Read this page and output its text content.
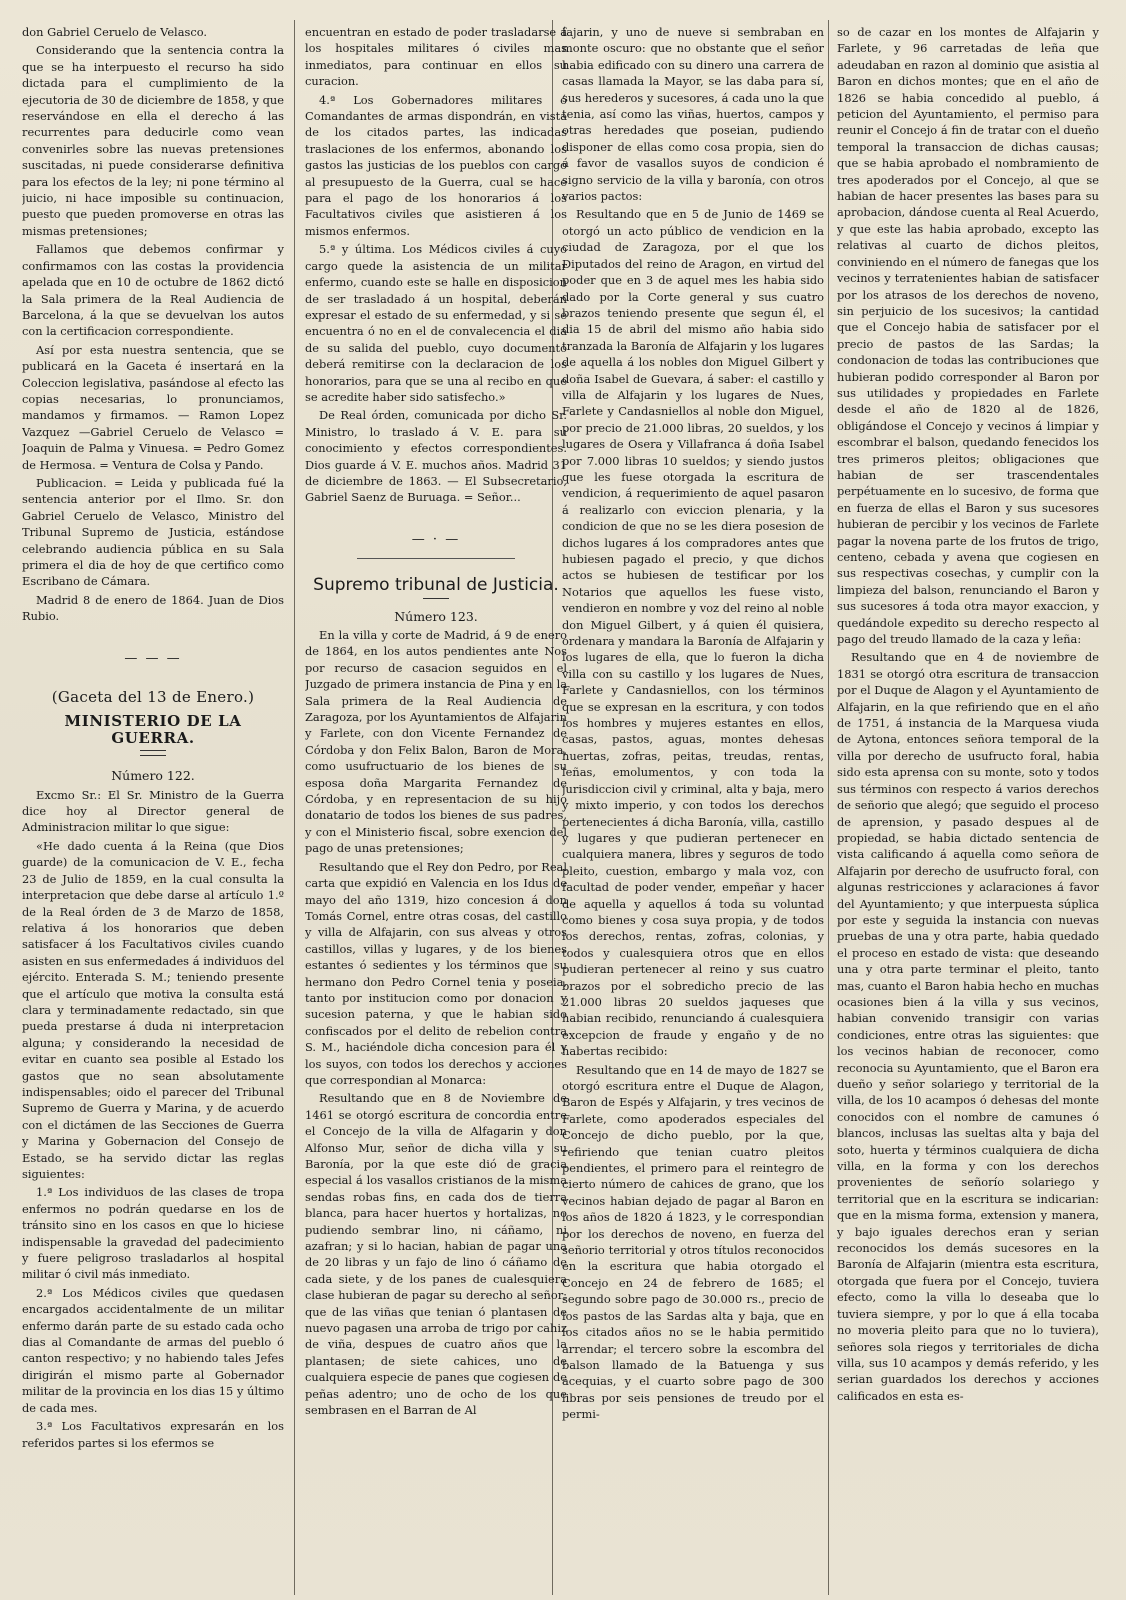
don Gabriel Ceruelo de Velasco.

Considerando que la sentencia contra la que se ha interpuesto el recurso ha sido dictada para el cumplimiento de la ejecutoria de 30 de diciembre de 1858, y que reservándose en ella el derecho á las recurrentes para deducirle como vean convenirles sobre las nuevas pretensiones suscitadas, ni puede considerarse definitiva para los efectos de la ley; ni pone término al juicio, ni hace imposible su continuacion, puesto que pueden promoverse en otras las mismas pretensiones;

Fallamos que debemos confirmar y confirmamos con las costas la providencia apelada que en 10 de octubre de 1862 dictó la Sala primera de la Real Audiencia de Barcelona, á la que se devuelvan los autos con la certificacion correspondiente.

Así por esta nuestra sentencia, que se publicará en la Gaceta é insertará en la Coleccion legislativa, pasándose al efecto las copias necesarias, lo pronunciamos, mandamos y firmamos. — Ramon Lopez Vazquez —Gabriel Ceruelo de Velasco = Joaquin de Palma y Vinuesa. = Pedro Gomez de Hermosa. = Ventura de Colsa y Pando.

Publicacion. = Leida y publicada fué la sentencia anterior por el Ilmo. Sr. don Gabriel Ceruelo de Velasco, Ministro del Tribunal Supremo de Justicia, estándose celebrando audiencia pública en su Sala primera el dia de hoy de que certifico como Escribano de Cámara.

Madrid 8 de enero de 1864. Juan de Dios Rubio.

— — —
(Gaceta del 13 de Enero.)
MINISTERIO DE LA GUERRA.
Número 122.

Excmo Sr.: El Sr. Ministro de la Guerra dice hoy al Director general de Administracion militar lo que sigue:

«He dado cuenta á la Reina (que Dios guarde) de la comunicacion de V. E., fecha 23 de Julio de 1859, en la cual consulta la interpretacion que debe darse al artículo 1.º de la Real órden de 3 de Marzo de 1858, relativa á los honorarios que deben satisfacer á los Facultativos civiles cuando asisten en sus enfermedades á individuos del ejército. Enterada S. M.; teniendo presente que el artículo que motiva la consulta está clara y terminadamente redactado, sin que pueda prestarse á duda ni interpretacion alguna; y considerando la necesidad de evitar en cuanto sea posible al Estado los gastos que no sean absolutamente indispensables; oido el parecer del Tribunal Supremo de Guerra y Marina, y de acuerdo con el dictámen de las Secciones de Guerra y Marina y Gobernacion del Consejo de Estado, se ha servido dictar las reglas siguientes:

1.ª Los individuos de las clases de tropa enfermos no podrán quedarse en los de tránsito sino en los casos en que lo hiciese indispensable la gravedad del padecimiento y fuere peligroso trasladarlos al hospital militar ó civil más inmediato.

2.ª Los Médicos civiles que quedasen encargados accidentalmente de un militar enfermo darán parte de su estado cada ocho dias al Comandante de armas del pueblo ó canton respectivo; y no habiendo tales Jefes dirigirán el mismo parte al Gobernador militar de la provincia en los dias 15 y último de cada mes.

3.ª Los Facultativos expresarán en los referidos partes si los efermos se

encuentran en estado de poder trasladarse á los hospitales militares ó civiles mas inmediatos, para continuar en ellos su curacion.

4.ª Los Gobernadores militares ó Comandantes de armas dispondrán, en vista de los citados partes, las indicadas traslaciones de los enfermos, abonando los gastos las justicias de los pueblos con cargo al presupuesto de la Guerra, cual se hace para el pago de los honorarios á los Facultativos civiles que asistieren á los mismos enfermos.

5.ª y última. Los Médicos civiles á cuyo cargo quede la asistencia de un militar enfermo, cuando este se halle en disposicion de ser trasladado á un hospital, deberán expresar el estado de su enfermedad, y si se encuentra ó no en el de convalecencia el dia de su salida del pueblo, cuyo documento deberá remitirse con la declaracion de los honorarios, para que se una al recibo en que se acredite haber sido satisfecho.»

De Real órden, comunicada por dicho Sr. Ministro, lo traslado á V. E. para su conocimiento y efectos correspondientes. Dios guarde á V. E. muchos años. Madrid 31 de diciembre de 1863. — El Subsecretario, Gabriel Saenz de Buruaga. = Señor...

— · —
Supremo tribunal de Justicia.
Número 123.

En la villa y corte de Madrid, á 9 de enero de 1864, en los autos pendientes ante Nos por recurso de casacion seguidos en el Juzgado de primera instancia de Pina y en la Sala primera de la Real Audiencia de Zaragoza, por los Ayuntamientos de Alfajarin y Farlete, con don Vicente Fernandez de Córdoba y don Felix Balon, Baron de Mora, como usufructuario de los bienes de su esposa doña Margarita Fernandez de Córdoba, y en representacion de su hijo donatario de todos los bienes de sus padres, y con el Ministerio fiscal, sobre exencion del pago de unas pretensiones;

Resultando que el Rey don Pedro, por Real carta que expidió en Valencia en los Idus de mayo del año 1319, hizo concesion á don Tomás Cornel, entre otras cosas, del castillo y villa de Alfajarin, con sus alveas y otros castillos, villas y lugares, y de los bienes estantes ó sedientes y los términos que su hermano don Pedro Cornel tenia y poseia, tanto por institucion como por donacion y sucesion paterna, y que le habian sido confiscados por el delito de rebelion contra S. M., haciéndole dicha concesion para él y los suyos, con todos los derechos y acciones que correspondian al Monarca:

Resultando que en 8 de Noviembre de 1461 se otorgó escritura de concordia entre el Concejo de la villa de Alfagarin y don Alfonso Mur, señor de dicha villa y su Baronía, por la que este dió de gracia especial á los vasallos cristianos de la misma sendas robas fins, en cada dos de tierra blanca, para hacer huertos y hortalizas, no pudiendo sembrar lino, ni cáñamo, ni azafran; y si lo hacian, habian de pagar una de 20 libras y un fajo de lino ó cáñamo de cada siete, y de los panes de cualesquiera clase hubieran de pagar su derecho al señor; que de las viñas que tenian ó plantasen de nuevo pagasen una arroba de trigo por cahiz de viña, despues de cuatro años que la plantasen; de siete cahices, uno de cualquiera especie de panes que cogiesen de peñas adentro; uno de ocho de los que sembrasen en el Barran de Al

fajarin, y uno de nueve si sembraban en monte oscuro: que no obstante que el señor habia edificado con su dinero una carrera de casas llamada la Mayor, se las daba para sí, sus herederos y sucesores, á cada uno la que tenia, así como las viñas, huertos, campos y otras heredades que poseian, pudiendo disponer de ellas como cosa propia, sien do á favor de vasallos suyos de condicion é signo servicio de la villa y baronía, con otros varios pactos:

Resultando que en 5 de Junio de 1469 se otorgó un acto público de vendicion en la ciudad de Zaragoza, por el que los Diputados del reino de Aragon, en virtud del poder que en 3 de aquel mes les habia sido dado por la Corte general y sus cuatro brazos teniendo presente que segun él, el dia 15 de abril del mismo año habia sido tranzada la Baronía de Alfajarin y los lugares de aquella á los nobles don Miguel Gilbert y doña Isabel de Guevara, á saber: el castillo y villa de Alfajarin y los lugares de Nues, Farlete y Candasniellos al noble don Miguel, por precio de 21.000 libras, 20 sueldos, y los lugares de Osera y Villafranca á doña Isabel por 7.000 libras 10 sueldos; y siendo justos que les fuese otorgada la escritura de vendicion, á requerimiento de aquel pasaron á realizarlo con eviccion plenaria, y la condicion de que no se les diera posesion de dichos lugares á los compradores antes que hubiesen pagado el precio, y que dichos actos se hubiesen de testificar por los Notarios que aquellos les fuese visto, vendieron en nombre y voz del reino al noble don Miguel Gilbert, y á quien él quisiera, ordenara y mandara la Baronía de Alfajarin y los lugares de ella, que lo fueron la dicha villa con su castillo y los lugares de Nues, Farlete y Candasniellos, con los términos que se expresan en la escritura, y con todos los hombres y mujeres estantes en ellos, casas, pastos, aguas, montes dehesas huertas, zofras, peitas, treudas, rentas, leñas, emolumentos, y con toda la jurisdiccion civil y criminal, alta y baja, mero y mixto imperio, y con todos los derechos pertenecientes á dicha Baronía, villa, castillo y lugares y que pudieran pertenecer en cualquiera manera, libres y seguros de todo pleito, cuestion, embargo y mala voz, con facultad de poder vender, empeñar y hacer de aquella y aquellos á toda su voluntad como bienes y cosa suya propia, y de todos los derechos, rentas, zofras, colonias, y todos y cualesquiera otros que en ellos pudieran pertenecer al reino y sus cuatro brazos por el sobredicho precio de las 21.000 libras 20 sueldos jaqueses que habian recibido, renunciando á cualesquiera excepcion de fraude y engaño y de no habertas recibido:

Resultando que en 14 de mayo de 1827 se otorgó escritura entre el Duque de Alagon, Baron de Espés y Alfajarin, y tres vecinos de Farlete, como apoderados especiales del Concejo de dicho pueblo, por la que, refiriendo que tenian cuatro pleitos pendientes, el primero para el reintegro de cierto número de cahices de grano, que los vecinos habian dejado de pagar al Baron en los años de 1820 á 1823, y le correspondian por los derechos de noveno, en fuerza del señorio territorial y otros títulos reconocidos en la escritura que habia otorgado el Concejo en 24 de febrero de 1685; el segundo sobre pago de 30.000 rs., precio de los pastos de las Sardas alta y baja, que en los citados años no se le habia permitido arrendar; el tercero sobre la escombra del balson llamado de la Batuenga y sus acequias, y el cuarto sobre pago de 300 libras por seis pensiones de treudo por el permi-

so de cazar en los montes de Alfajarin y Farlete, y 96 carretadas de leña que adeudaban en razon al dominio que asistia al Baron en dichos montes; que en el año de 1826 se habia concedido al pueblo, á peticion del Ayuntamiento, el permiso para reunir el Concejo á fin de tratar con el dueño temporal la transaccion de dichas causas; que se habia aprobado el nombramiento de tres apoderados por el Concejo, al que se habian de hacer presentes las bases para su aprobacion, dándose cuenta al Real Acuerdo, y que este las habia aprobado, excepto las relativas al cuarto de dichos pleitos, conviniendo en el número de fanegas que los vecinos y terratenientes habian de satisfacer por los atrasos de los derechos de noveno, sin perjuicio de los sucesivos; la cantidad que el Concejo habia de satisfacer por el precio de pastos de las Sardas; la condonacion de todas las contribuciones que hubieran podido corresponder al Baron por sus utilidades y propiedades en Farlete desde el año de 1820 al de 1826, obligándose el Concejo y vecinos á limpiar y escombrar el balson, quedando fenecidos los tres primeros pleitos; obligaciones que habian de ser trascendentales perpétuamente en lo sucesivo, de forma que en fuerza de ellas el Baron y sus sucesores hubieran de percibir y los vecinos de Farlete pagar la novena parte de los frutos de trigo, centeno, cebada y avena que cogiesen en sus respectivas cosechas, y cumplir con la limpieza del balson, renunciando el Baron y sus sucesores á toda otra mayor exaccion, y quedándole expedito su derecho respecto al pago del treudo llamado de la caza y leña:

Resultando que en 4 de noviembre de 1831 se otorgó otra escritura de transaccion por el Duque de Alagon y el Ayuntamiento de Alfajarin, en la que refiriendo que en el año de 1751, á instancia de la Marquesa viuda de Aytona, entonces señora temporal de la villa por derecho de usufructo foral, habia sido esta aprensa con su monte, soto y todos sus términos con respecto á varios derechos de señorio que alegó; que seguido el proceso de aprension, y pasado despues al de propiedad, se habia dictado sentencia de vista calificando á aquella como señora de Alfajarin por derecho de usufructo foral, con algunas restricciones y aclaraciones á favor del Ayuntamiento; y que interpuesta súplica por este y seguida la instancia con nuevas pruebas de una y otra parte, habia quedado el proceso en estado de vista: que deseando una y otra parte terminar el pleito, tanto mas, cuanto el Baron habia hecho en muchas ocasiones bien á la villa y sus vecinos, habian convenido transigir con varias condiciones, entre otras las siguientes: que los vecinos habian de reconocer, como reconocia su Ayuntamiento, que el Baron era dueño y señor solariego y territorial de la villa, de los 10 acampos ó dehesas del monte conocidos con el nombre de camunes ó blancos, inclusas las sueltas alta y baja del soto, huerta y términos cualquiera de dicha villa, en la forma y con los derechos provenientes de señorío solariego y territorial que en la escritura se indicarian: que en la misma forma, extension y manera, y bajo iguales derechos eran y serian reconocidos los demás sucesores en la Baronía de Alfajarin (mientra esta escritura, otorgada que fuera por el Concejo, tuviera efecto, como la villa lo deseaba que lo tuviera siempre, y por lo que á ella tocaba no moveria pleito para que no lo tuviera), señores sola riegos y territoriales de dicha villa, sus 10 acampos y demás referido, y les serian guardados los derechos y acciones calificados en esta es-
